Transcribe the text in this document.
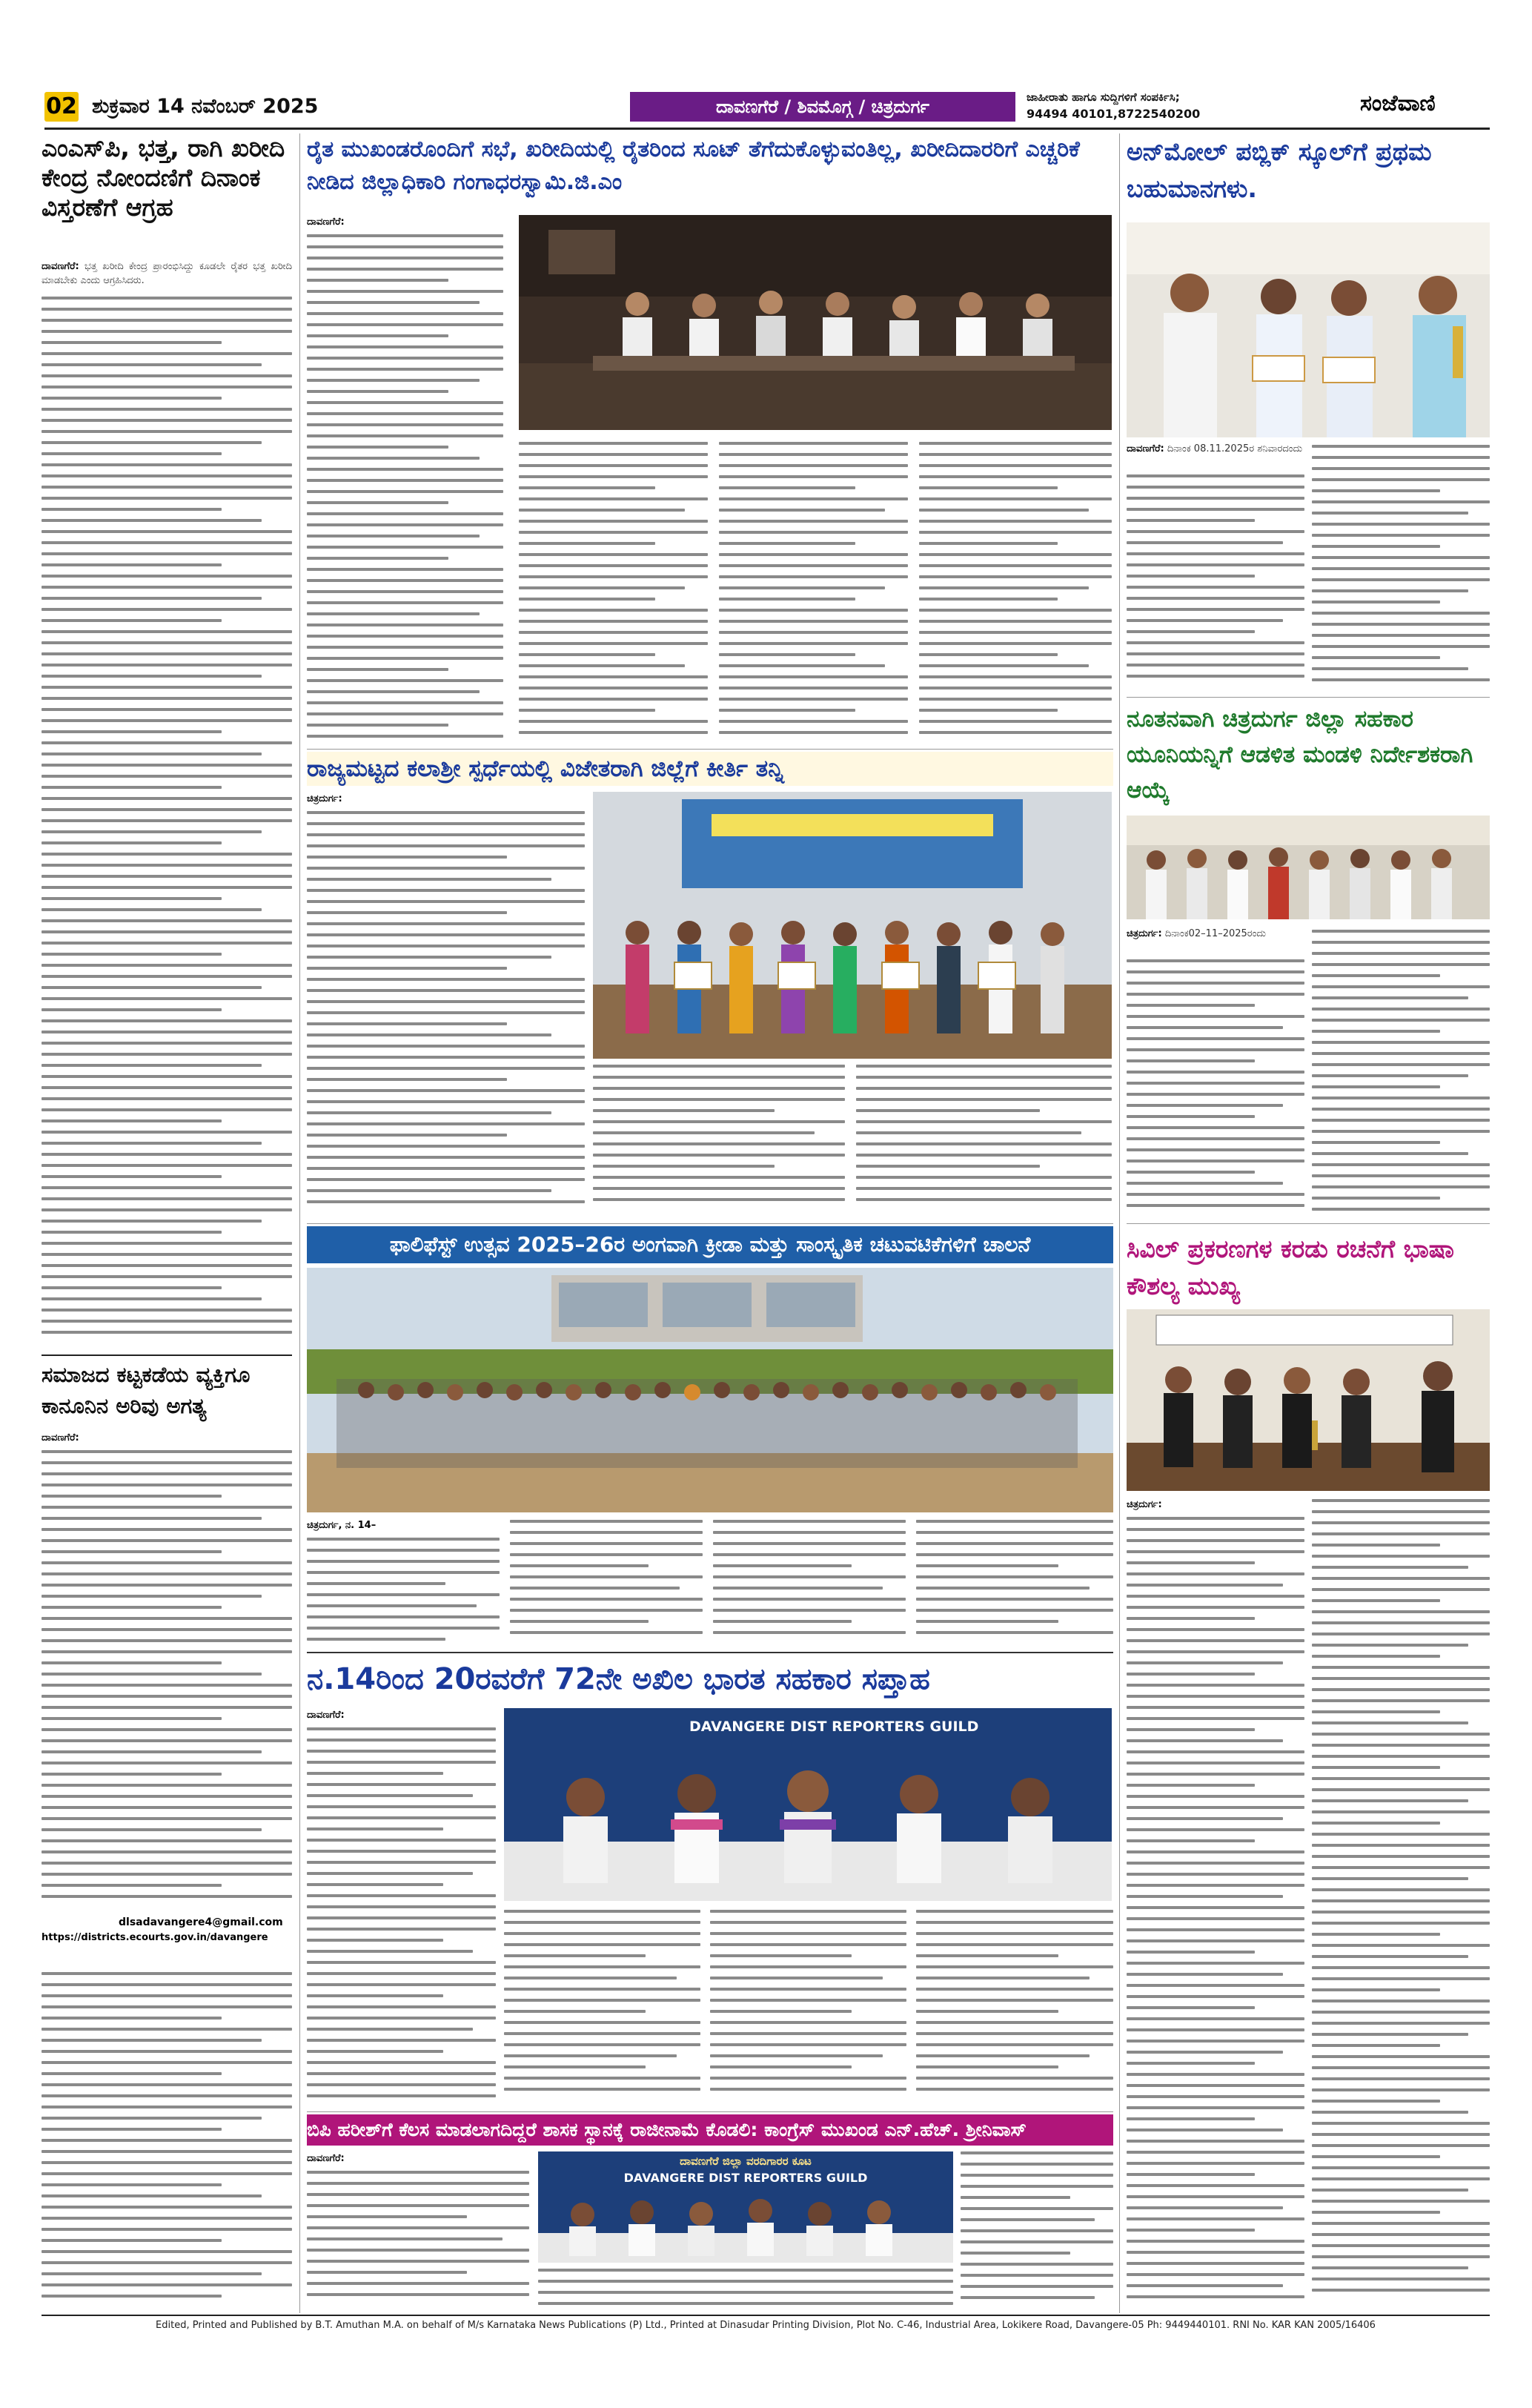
02 ಶುಕ್ರವಾರ 14 ನವೆಂಬರ್ 2025	ದಾವಣಗೆರೆ / ಶಿವಮೊಗ್ಗ / ಚಿತ್ರದುರ್ಗ	ಜಾಹೀರಾತು ಹಾಗೂ ಸುದ್ದಿಗಳಿಗೆ ಸಂಪರ್ಕಿಸಿ;
94494 40101,8722540200	ಸಂಜೆವಾಣಿ
ಎಂಎಸ್‌ಪಿ, ಭತ್ತ, ರಾಗಿ ಖರೀದಿ ಕೇಂದ್ರ ನೋಂದಣಿಗೆ ದಿನಾಂಕ ವಿಸ್ತರಣೆಗೆ ಆಗ್ರಹ
ದಾವಣಗೆರೆ: ಭತ್ತ ಖರೀದಿ ಕೇಂದ್ರ ಪ್ರಾರಂಭಿಸಿದ್ದು ಕೂಡಲೇ ರೈತರ ಭತ್ತ ಖರೀದಿ ಮಾಡಬೇಕು ಎಂದು ಆಗ್ರಹಿಸಿದರು.
ಸಮಾಜದ ಕಟ್ಟಕಡೆಯ ವ್ಯಕ್ತಿಗೂ ಕಾನೂನಿನ ಅರಿವು ಅಗತ್ಯ
ದಾವಣಗೆರೆ:
dlsadavangere4@gmail.com
https://districts.ecourts.gov.in/davangere
ರೈತ ಮುಖಂಡರೊಂದಿಗೆ ಸಭೆ, ಖರೀದಿಯಲ್ಲಿ ರೈತರಿಂದ ಸೂಟ್ ತೆಗೆದುಕೊಳ್ಳುವಂತಿಲ್ಲ, ಖರೀದಿದಾರರಿಗೆ ಎಚ್ಚರಿಕೆ ನೀಡಿದ ಜಿಲ್ಲಾಧಿಕಾರಿ ಗಂಗಾಧರಸ್ವಾಮಿ.ಜಿ.ಎಂ
ದಾವಣಗೆರೆ:
ಅನ್‌ಮೋಲ್ ಪಬ್ಲಿಕ್ ಸ್ಕೂಲ್‌ಗೆ ಪ್ರಥಮ ಬಹುಮಾನಗಳು.
ದಾವಣಗೆರೆ: ದಿನಾಂಕ 08.11.2025ರ ಶನಿವಾರದಂದು
ನೂತನವಾಗಿ ಚಿತ್ರದುರ್ಗ ಜಿಲ್ಲಾ ಸಹಕಾರ ಯೂನಿಯನ್ನಿಗೆ ಆಡಳಿತ ಮಂಡಳಿ ನಿರ್ದೇಶಕರಾಗಿ ಆಯ್ಕೆ
ಚಿತ್ರದುರ್ಗ: ದಿನಾಂಕ02–11–2025ರಂದು
ರಾಜ್ಯಮಟ್ಟದ ಕಲಾಶ್ರೀ ಸ್ಪರ್ಧೆಯಲ್ಲಿ ವಿಜೇತರಾಗಿ ಜಿಲ್ಲೆಗೆ ಕೀರ್ತಿ ತನ್ನಿ
ಚಿತ್ರದುರ್ಗ:
ಫಾಲಿಫೆಸ್ಟ್ ಉತ್ಸವ 2025–26ರ ಅಂಗವಾಗಿ ಕ್ರೀಡಾ ಮತ್ತು ಸಾಂಸ್ಕೃತಿಕ ಚಟುವಟಿಕೆಗಳಿಗೆ ಚಾಲನೆ
ಚಿತ್ರದುರ್ಗ, ನ. 14–
ಸಿವಿಲ್ ಪ್ರಕರಣಗಳ ಕರಡು ರಚನೆಗೆ ಭಾಷಾ ಕೌಶಲ್ಯ ಮುಖ್ಯ
ಚಿತ್ರದುರ್ಗ:
ನ.14ರಿಂದ 20ರವರೆಗೆ 72ನೇ ಅಖಿಲ ಭಾರತ ಸಹಕಾರ ಸಪ್ತಾಹ
ದಾವಣಗೆರೆ:
DAVANGERE DIST REPORTERS GUILD
ಬಿಪಿ ಹರೀಶ್‌ಗೆ ಕೆಲಸ ಮಾಡಲಾಗದಿದ್ದರೆ ಶಾಸಕ ಸ್ಥಾನಕ್ಕೆ ರಾಜೀನಾಮೆ ಕೊಡಲಿ: ಕಾಂಗ್ರೆಸ್ ಮುಖಂಡ ಎನ್.ಹೆಚ್. ಶ್ರೀನಿವಾಸ್
ದಾವಣಗೆರೆ:	ದಾವಣಗೆರೆ ಜಿಲ್ಲಾ ವರದಿಗಾರರ ಕೂಟ
DAVANGERE DIST REPORTERS GUILD
Edited, Printed and Published by B.T. Amuthan M.A. on behalf of M/s Karnataka News Publications (P) Ltd., Printed at Dinasudar Printing Division, Plot No. C-46, Industrial Area, Lokikere Road, Davangere-05 Ph: 9449440101. RNI No. KAR KAN 2005/16406
